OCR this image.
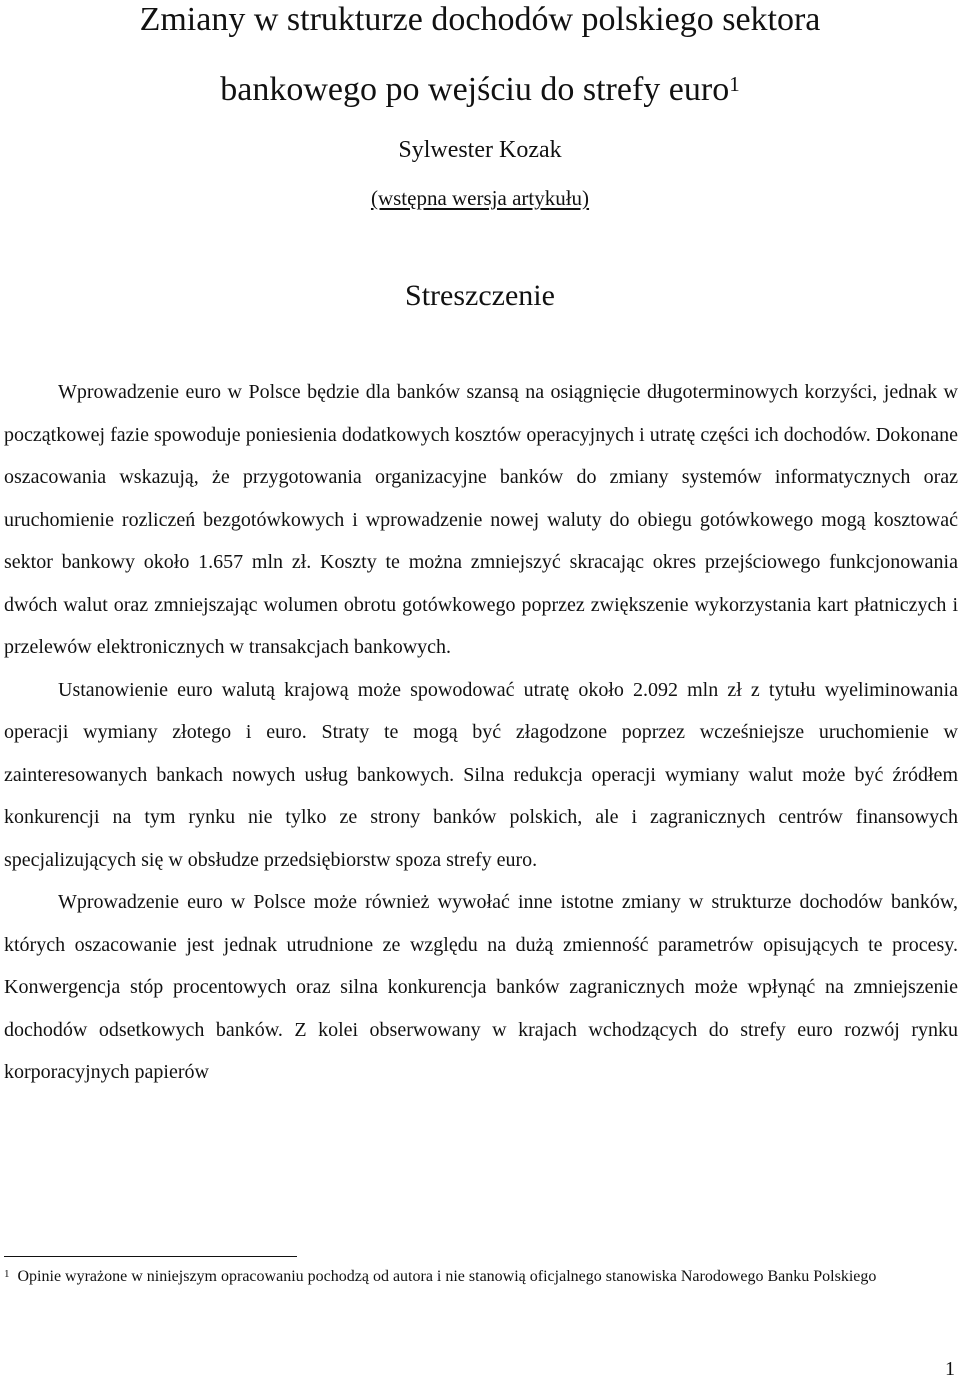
Zmiany w strukturze dochodów polskiego sektora
bankowego po wejściu do strefy euro$^1$
Sylwester Kozak
(wstępna wersja artykułu)
Streszczenie

Wprowadzenie euro w Polsce będzie dla banków szansą na osiągnięcie długoterminowych korzyści, jednak w początkowej fazie spowoduje poniesienia dodatkowych kosztów operacyjnych i utratę części ich dochodów. Dokonane oszacowania wskazują, że przygotowania organizacyjne banków do zmiany systemów informatycznych oraz uruchomienie rozliczeń bezgotówkowych i wprowadzenie nowej waluty do obiegu gotówkowego mogą kosztować sektor bankowy około 1.657 mln zł. Koszty te można zmniejszyć skracając okres przejściowego funkcjonowania dwóch walut oraz zmniejszając wolumen obrotu gotówkowego poprzez zwiększenie wykorzystania kart płatniczych i przelewów elektronicznych w transakcjach bankowych.

Ustanowienie euro walutą krajową może spowodować utratę około 2.092 mln zł z tytułu wyeliminowania operacji wymiany złotego i euro. Straty te mogą być złagodzone poprzez wcześniejsze uruchomienie w zainteresowanych bankach nowych usług bankowych. Silna redukcja operacji wymiany walut może być źródłem konkurencji na tym rynku nie tylko ze strony banków polskich, ale i zagranicznych centrów finansowych specjalizujących się w obsłudze przedsiębiorstw spoza strefy euro.

Wprowadzenie euro w Polsce może również wywołać inne istotne zmiany w strukturze dochodów banków, których oszacowanie jest jednak utrudnione ze względu na dużą zmienność parametrów opisujących te procesy. Konwergencja stóp procentowych oraz silna konkurencja banków zagranicznych może wpłynąć na zmniejszenie dochodów odsetkowych banków. Z kolei obserwowany w krajach wchodzących do strefy euro rozwój rynku korporacyjnych papierów

$^1$ Opinie wyrażone w niniejszym opracowaniu pochodzą od autora i nie stanowią oficjalnego stanowiska Narodowego Banku Polskiego

1
